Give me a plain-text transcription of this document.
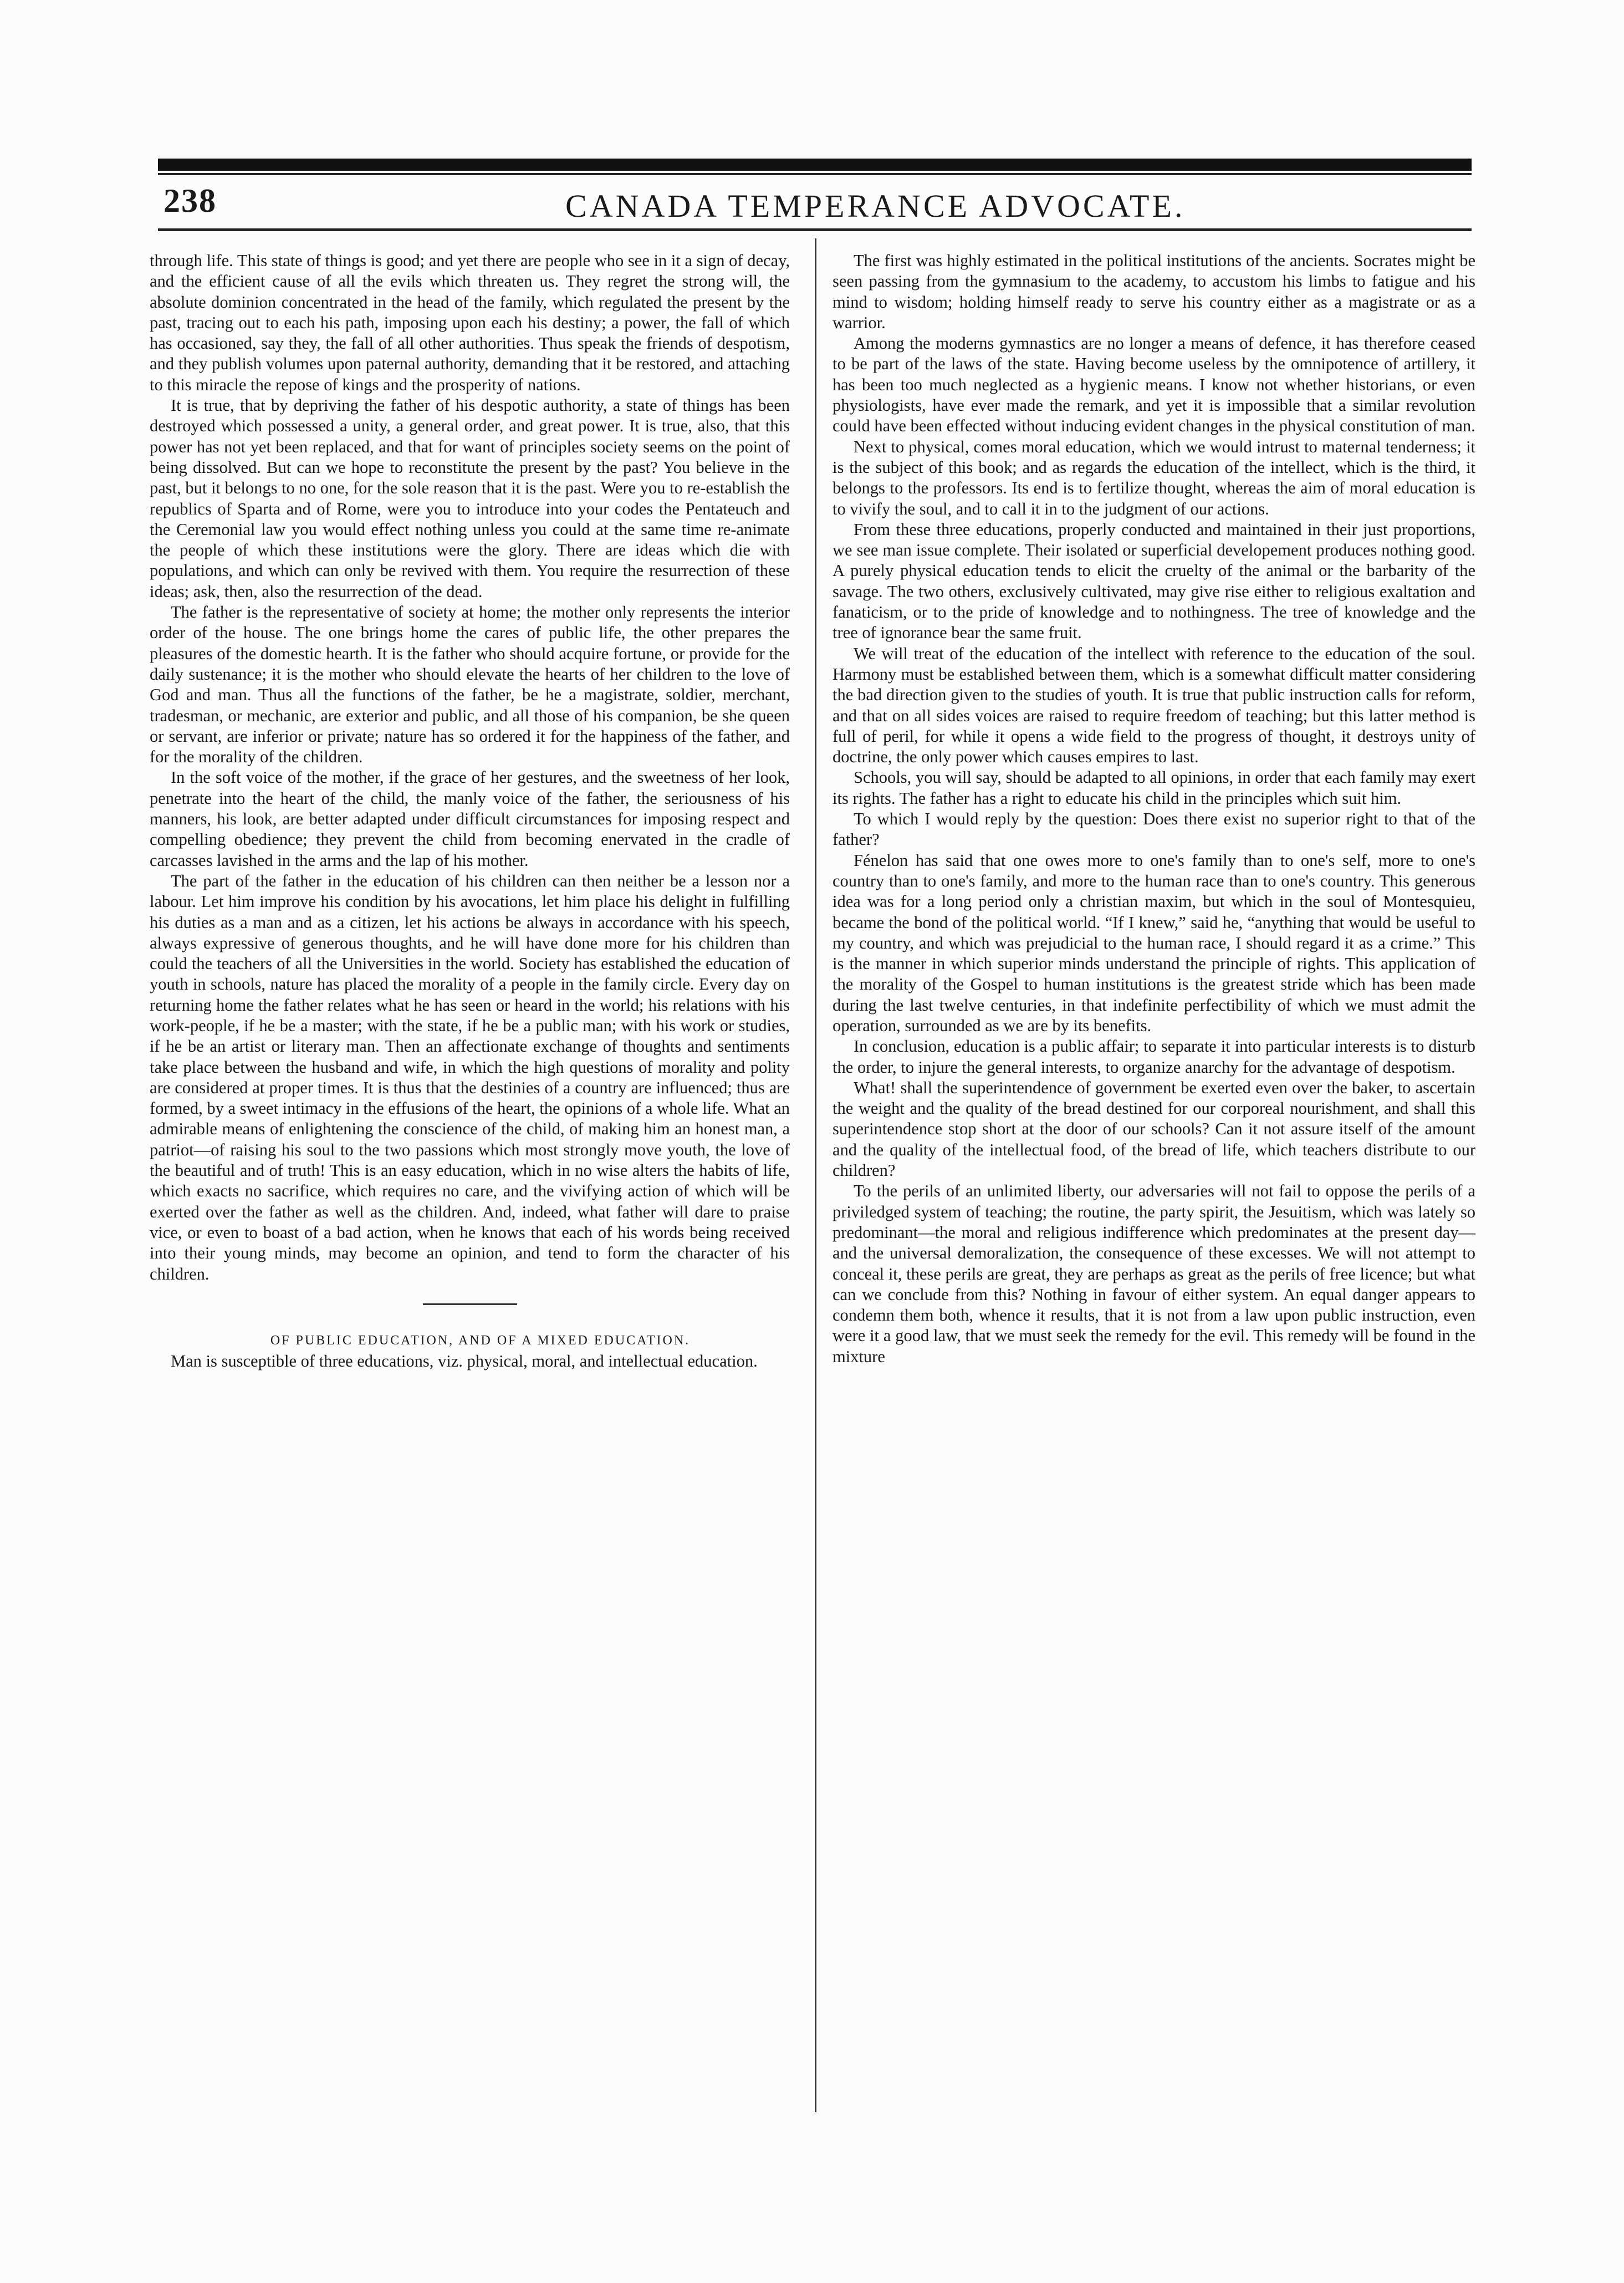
238	CANADA TEMPERANCE ADVOCATE.

through life. This state of things is good; and yet there are people who see in it a sign of decay, and the efficient cause of all the evils which threaten us. They regret the strong will, the absolute dominion concentrated in the head of the family, which regulated the present by the past, tracing out to each his path, imposing upon each his destiny; a power, the fall of which has occasioned, say they, the fall of all other authorities. Thus speak the friends of despotism, and they publish volumes upon paternal authority, demanding that it be restored, and attaching to this miracle the repose of kings and the prosperity of nations.

It is true, that by depriving the father of his despotic authority, a state of things has been destroyed which possessed a unity, a general order, and great power. It is true, also, that this power has not yet been replaced, and that for want of principles society seems on the point of being dissolved. But can we hope to reconstitute the present by the past? You believe in the past, but it belongs to no one, for the sole reason that it is the past. Were you to re-establish the republics of Sparta and of Rome, were you to introduce into your codes the Pentateuch and the Ceremonial law you would effect nothing unless you could at the same time re-animate the people of which these institutions were the glory. There are ideas which die with populations, and which can only be revived with them. You require the resurrection of these ideas; ask, then, also the resurrection of the dead.

The father is the representative of society at home; the mother only represents the interior order of the house. The one brings home the cares of public life, the other prepares the pleasures of the domestic hearth. It is the father who should acquire fortune, or provide for the daily sustenance; it is the mother who should elevate the hearts of her children to the love of God and man. Thus all the functions of the father, be he a magistrate, soldier, merchant, tradesman, or mechanic, are exterior and public, and all those of his companion, be she queen or servant, are inferior or private; nature has so ordered it for the happiness of the father, and for the morality of the children.

In the soft voice of the mother, if the grace of her gestures, and the sweetness of her look, penetrate into the heart of the child, the manly voice of the father, the seriousness of his manners, his look, are better adapted under difficult circumstances for imposing respect and compelling obedience; they prevent the child from becoming enervated in the cradle of carcasses lavished in the arms and the lap of his mother.

The part of the father in the education of his children can then neither be a lesson nor a labour. Let him improve his condition by his avocations, let him place his delight in fulfilling his duties as a man and as a citizen, let his actions be always in accordance with his speech, always expressive of generous thoughts, and he will have done more for his children than could the teachers of all the Universities in the world. Society has established the education of youth in schools, nature has placed the morality of a people in the family circle. Every day on returning home the father relates what he has seen or heard in the world; his relations with his work-people, if he be a master; with the state, if he be a public man; with his work or studies, if he be an artist or literary man. Then an affectionate exchange of thoughts and sentiments take place between the husband and wife, in which the high questions of morality and polity are considered at proper times. It is thus that the destinies of a country are influenced; thus are formed, by a sweet intimacy in the effusions of the heart, the opinions of a whole life. What an admirable means of enlightening the conscience of the child, of making him an honest man, a patriot—of raising his soul to the two passions which most strongly move youth, the love of the beautiful and of truth! This is an easy education, which in no wise alters the habits of life, which exacts no sacrifice, which requires no care, and the vivifying action of which will be exerted over the father as well as the children. And, indeed, what father will dare to praise vice, or even to boast of a bad action, when he knows that each of his words being received into their young minds, may become an opinion, and tend to form the character of his children.

OF PUBLIC EDUCATION, AND OF A MIXED EDUCATION.

Man is susceptible of three educations, viz. physical, moral, and intellectual education.

The first was highly estimated in the political institutions of the ancients. Socrates might be seen passing from the gymnasium to the academy, to accustom his limbs to fatigue and his mind to wisdom; holding himself ready to serve his country either as a magistrate or as a warrior.

Among the moderns gymnastics are no longer a means of defence, it has therefore ceased to be part of the laws of the state. Having become useless by the omnipotence of artillery, it has been too much neglected as a hygienic means. I know not whether historians, or even physiologists, have ever made the remark, and yet it is impossible that a similar revolution could have been effected without inducing evident changes in the physical constitution of man.

Next to physical, comes moral education, which we would intrust to maternal tenderness; it is the subject of this book; and as regards the education of the intellect, which is the third, it belongs to the professors. Its end is to fertilize thought, whereas the aim of moral education is to vivify the soul, and to call it in to the judgment of our actions.

From these three educations, properly conducted and maintained in their just proportions, we see man issue complete. Their isolated or superficial developement produces nothing good. A purely physical education tends to elicit the cruelty of the animal or the barbarity of the savage. The two others, exclusively cultivated, may give rise either to religious exaltation and fanaticism, or to the pride of knowledge and to nothingness. The tree of knowledge and the tree of ignorance bear the same fruit.

We will treat of the education of the intellect with reference to the education of the soul. Harmony must be established between them, which is a somewhat difficult matter considering the bad direction given to the studies of youth. It is true that public instruction calls for reform, and that on all sides voices are raised to require freedom of teaching; but this latter method is full of peril, for while it opens a wide field to the progress of thought, it destroys unity of doctrine, the only power which causes empires to last.

Schools, you will say, should be adapted to all opinions, in order that each family may exert its rights. The father has a right to educate his child in the principles which suit him.

To which I would reply by the question: Does there exist no superior right to that of the father?

Fénelon has said that one owes more to one's family than to one's self, more to one's country than to one's family, and more to the human race than to one's country. This generous idea was for a long period only a christian maxim, but which in the soul of Montesquieu, became the bond of the political world. “If I knew,” said he, “anything that would be useful to my country, and which was prejudicial to the human race, I should regard it as a crime.” This is the manner in which superior minds understand the principle of rights. This application of the morality of the Gospel to human institutions is the greatest stride which has been made during the last twelve centuries, in that indefinite perfectibility of which we must admit the operation, surrounded as we are by its benefits.

In conclusion, education is a public affair; to separate it into particular interests is to disturb the order, to injure the general interests, to organize anarchy for the advantage of despotism.

What! shall the superintendence of government be exerted even over the baker, to ascertain the weight and the quality of the bread destined for our corporeal nourishment, and shall this superintendence stop short at the door of our schools? Can it not assure itself of the amount and the quality of the intellectual food, of the bread of life, which teachers distribute to our children?

To the perils of an unlimited liberty, our adversaries will not fail to oppose the perils of a priviledged system of teaching; the routine, the party spirit, the Jesuitism, which was lately so predominant—the moral and religious indifference which predominates at the present day—and the universal demoralization, the consequence of these excesses. We will not attempt to conceal it, these perils are great, they are perhaps as great as the perils of free licence; but what can we conclude from this? Nothing in favour of either system. An equal danger appears to condemn them both, whence it results, that it is not from a law upon public instruction, even were it a good law, that we must seek the remedy for the evil. This remedy will be found in the mixture
